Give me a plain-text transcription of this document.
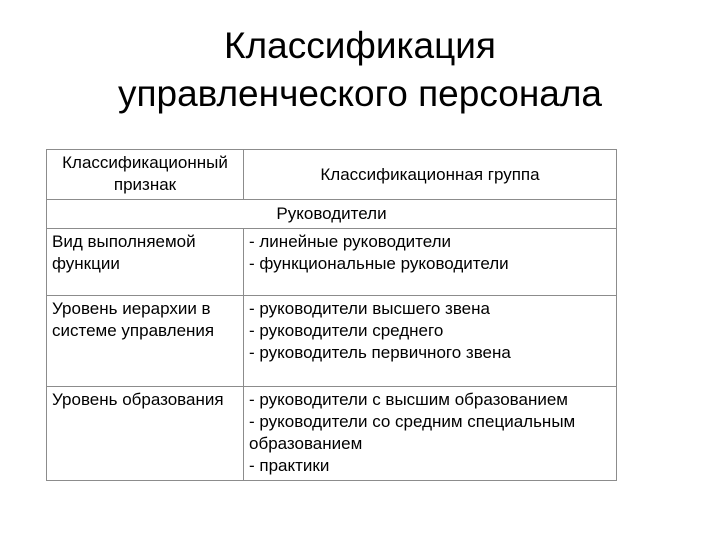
Классификация
управленческого персонала
Классификационный
признак	Классификационная группа
Руководители	

Вид выполняемой
функции	- линейные руководители
- функциональные руководители

Уровень иерархии в
системе управления	- руководители высшего звена
- руководители среднего
- руководитель первичного звена

Уровень образования	- руководители с высшим образованием
- руководители со средним специальным
образованием
- практики
